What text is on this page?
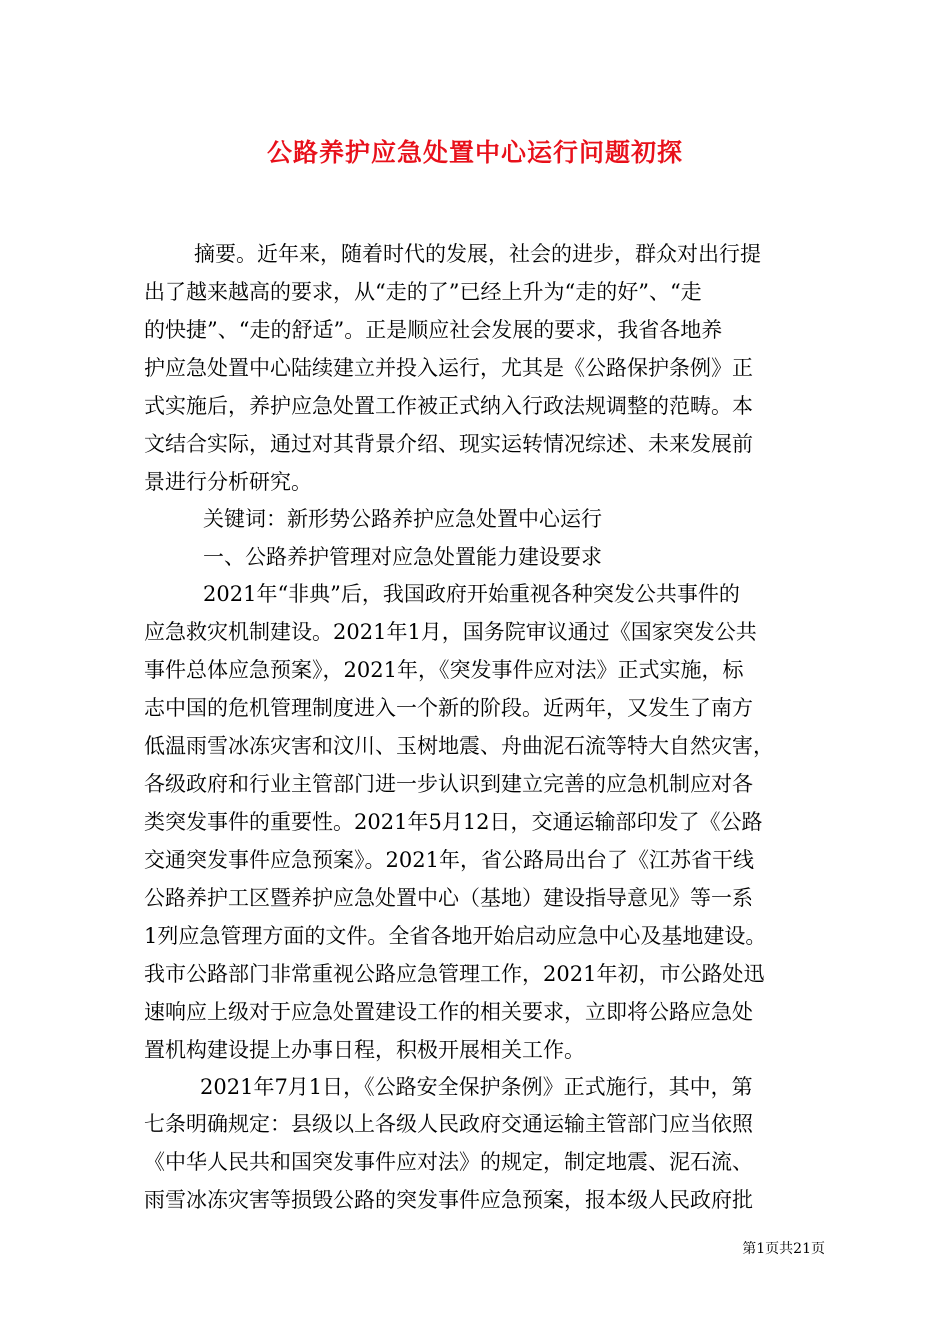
公路养护应急处置中心运行问题初探
摘要。近年来，随着时代的发展，社会的进步，群众对出行提
出了越来越高的要求，从“走的了”已经上升为“走的好”、“走
的快捷”、“走的舒适”。正是顺应社会发展的要求，我省各地养
护应急处置中心陆续建立并投入运行，尤其是《公路保护条例》正
式实施后，养护应急处置工作被正式纳入行政法规调整的范畴。本
文结合实际，通过对其背景介绍、现实运转情况综述、未来发展前
景进行分析研究。
关键词：新形势公路养护应急处置中心运行
一、公路养护管理对应急处置能力建设要求
2021年“非典”后，我国政府开始重视各种突发公共事件的
应急救灾机制建设。2021年1月，国务院审议通过《国家突发公共
事件总体应急预案》，2021年，《突发事件应对法》正式实施，标
志中国的危机管理制度进入一个新的阶段。近两年，又发生了南方
低温雨雪冰冻灾害和汶川、玉树地震、舟曲泥石流等特大自然灾害，
各级政府和行业主管部门进一步认识到建立完善的应急机制应对各
类突发事件的重要性。2021年5月12日，交通运输部印发了《公路
交通突发事件应急预案》。2021年，省公路局出台了《江苏省干线
公路养护工区暨养护应急处置中心（基地）建设指导意见》等一系
1列应急管理方面的文件。全省各地开始启动应急中心及基地建设。
我市公路部门非常重视公路应急管理工作，2021年初，市公路处迅
速响应上级对于应急处置建设工作的相关要求，立即将公路应急处
置机构建设提上办事日程，积极开展相关工作。
2021年7月1日，《公路安全保护条例》正式施行，其中，第
七条明确规定：县级以上各级人民政府交通运输主管部门应当依照
《中华人民共和国突发事件应对法》的规定，制定地震、泥石流、
雨雪冰冻灾害等损毁公路的突发事件应急预案，报本级人民政府批
第1页共21页
